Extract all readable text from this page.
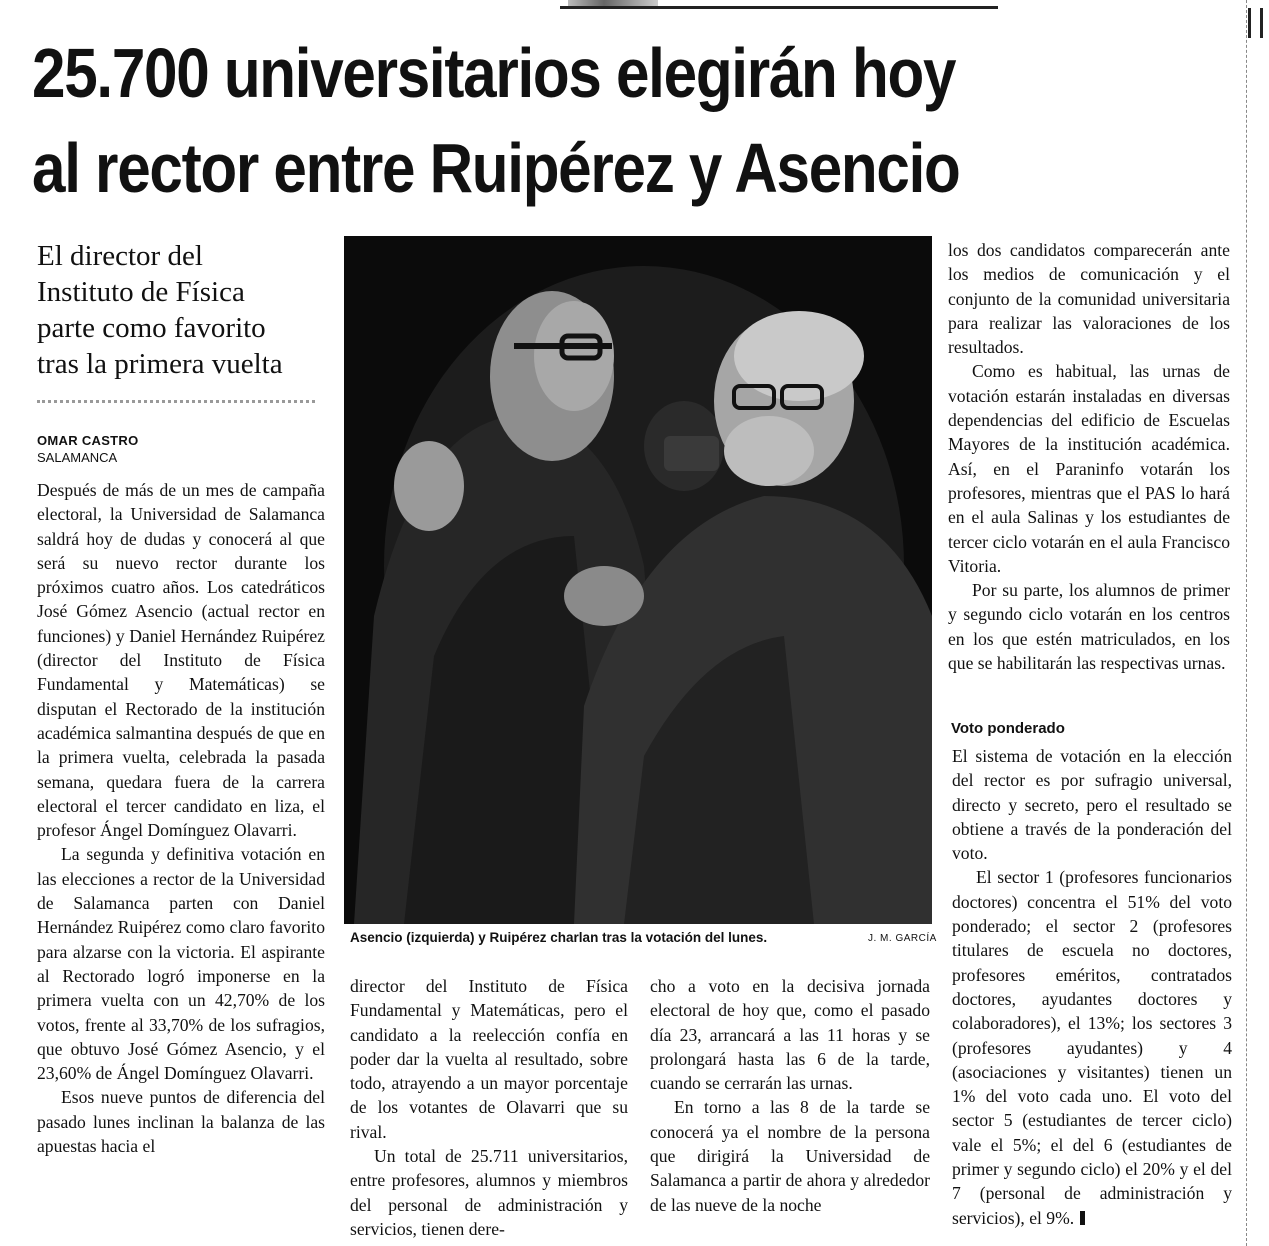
25.700 universitarios elegirán hoy
al rector entre Ruipérez y Asencio
El director del
Instituto de Física
parte como favorito
tras la primera vuelta
OMAR CASTRO
SALAMANCA

Después de más de un mes de campaña electoral, la Universidad de Salamanca saldrá hoy de dudas y conocerá al que será su nuevo rector durante los próximos cuatro años. Los catedráticos José Gómez Asencio (actual rector en funciones) y Daniel Hernández Ruipérez (director del Instituto de Física Fundamental y Matemáticas) se disputan el Rectorado de la institución académica salmantina después de que en la primera vuelta, celebrada la pasada semana, quedara fuera de la carrera electoral el tercer candidato en liza, el profesor Ángel Domínguez Olavarri.

La segunda y definitiva votación en las elecciones a rector de la Universidad de Salamanca parten con Daniel Hernández Ruipérez como claro favorito para alzarse con la victoria. El aspirante al Rectorado logró imponerse en la primera vuelta con un 42,70% de los votos, frente al 33,70% de los sufragios, que obtuvo José Gómez Asencio, y el 23,60% de Ángel Domínguez Olavarri.

Esos nueve puntos de diferencia del pasado lunes inclinan la balanza de las apuestas hacia el

Asencio (izquierda) y Ruipérez charlan tras la votación del lunes.	J. M. GARCÍA

director del Instituto de Física Fundamental y Matemáticas, pero el candidato a la reelección confía en poder dar la vuelta al resultado, sobre todo, atrayendo a un mayor porcentaje de los votantes de Olavarri que su rival.

Un total de 25.711 universitarios, entre profesores, alumnos y miembros del personal de administración y servicios, tienen dere-

cho a voto en la decisiva jornada electoral de hoy que, como el pasado día 23, arrancará a las 11 horas y se prolongará hasta las 6 de la tarde, cuando se cerrarán las urnas.

En torno a las 8 de la tarde se conocerá ya el nombre de la persona que dirigirá la Universidad de Salamanca a partir de ahora y alrededor de las nueve de la noche

los dos candidatos comparecerán ante los medios de comunicación y el conjunto de la comunidad universitaria para realizar las valoraciones de los resultados.

Como es habitual, las urnas de votación estarán instaladas en diversas dependencias del edificio de Escuelas Mayores de la institución académica. Así, en el Paraninfo votarán los profesores, mientras que el PAS lo hará en el aula Salinas y los estudiantes de tercer ciclo votarán en el aula Francisco Vitoria.

Por su parte, los alumnos de primer y segundo ciclo votarán en los centros en los que estén matriculados, en los que se habilitarán las respectivas urnas.

Voto ponderado

El sistema de votación en la elección del rector es por sufragio universal, directo y secreto, pero el resultado se obtiene a través de la ponderación del voto.

El sector 1 (profesores funcionarios doctores) concentra el 51% del voto ponderado; el sector 2 (profesores titulares de escuela no doctores, profesores eméritos, contratados doctores, ayudantes doctores y colaboradores), el 13%; los sectores 3 (profesores ayudantes) y 4 (asociaciones y visitantes) tienen un 1% del voto cada uno. El voto del sector 5 (estudiantes de tercer ciclo) vale el 5%; el del 6 (estudiantes de primer y segundo ciclo) el 20% y el del 7 (personal de administración y servicios), el 9%.
